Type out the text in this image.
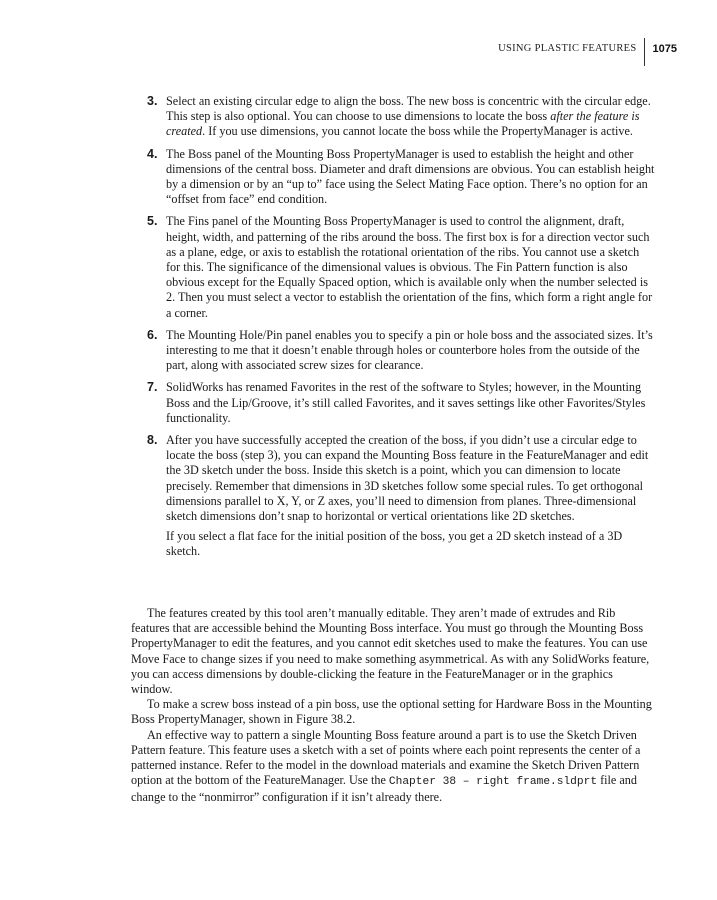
USING PLASTIC FEATURES	1075
3. Select an existing circular edge to align the boss. The new boss is concentric with the circular edge. This step is also optional. You can choose to use dimensions to locate the boss after the feature is created. If you use dimensions, you cannot locate the boss while the PropertyManager is active.
4. The Boss panel of the Mounting Boss PropertyManager is used to establish the height and other dimensions of the central boss. Diameter and draft dimensions are obvious. You can establish height by a dimension or by an “up to” face using the Select Mating Face option. There’s no option for an “offset from face” end condition.
5. The Fins panel of the Mounting Boss PropertyManager is used to control the alignment, draft, height, width, and patterning of the ribs around the boss. The first box is for a direction vector such as a plane, edge, or axis to establish the rotational orientation of the ribs. You cannot use a sketch for this. The significance of the dimensional values is obvious. The Fin Pattern function is also obvious except for the Equally Spaced option, which is available only when the number selected is 2. Then you must select a vector to establish the orientation of the fins, which form a right angle for a corner.
6. The Mounting Hole/Pin panel enables you to specify a pin or hole boss and the associated sizes. It’s interesting to me that it doesn’t enable through holes or counterbore holes from the outside of the part, along with associated screw sizes for clearance.
7. SolidWorks has renamed Favorites in the rest of the software to Styles; however, in the Mounting Boss and the Lip/Groove, it’s still called Favorites, and it saves settings like other Favorites/Styles functionality.
8. After you have successfully accepted the creation of the boss, if you didn’t use a circular edge to locate the boss (step 3), you can expand the Mounting Boss feature in the FeatureManager and edit the 3D sketch under the boss. Inside this sketch is a point, which you can dimension to locate precisely. Remember that dimensions in 3D sketches follow some special rules. To get orthogonal dimensions parallel to X, Y, or Z axes, you’ll need to dimension from planes. Three-dimensional sketch dimensions don’t snap to horizontal or vertical orientations like 2D sketches.
If you select a flat face for the initial position of the boss, you get a 2D sketch instead of a 3D sketch.

The features created by this tool aren’t manually editable. They aren’t made of extrudes and Rib features that are accessible behind the Mounting Boss interface. You must go through the Mounting Boss PropertyManager to edit the features, and you cannot edit sketches used to make the features. You can use Move Face to change sizes if you need to make something asymmetrical. As with any SolidWorks feature, you can access dimensions by double-clicking the feature in the FeatureManager or in the graphics window.

To make a screw boss instead of a pin boss, use the optional setting for Hardware Boss in the Mounting Boss PropertyManager, shown in Figure 38.2.

An effective way to pattern a single Mounting Boss feature around a part is to use the Sketch Driven Pattern feature. This feature uses a sketch with a set of points where each point represents the center of a patterned instance. Refer to the model in the download materials and examine the Sketch Driven Pattern option at the bottom of the FeatureManager. Use the Chapter 38 – right frame.sldprt file and change to the “nonmirror” configuration if it isn’t already there.
